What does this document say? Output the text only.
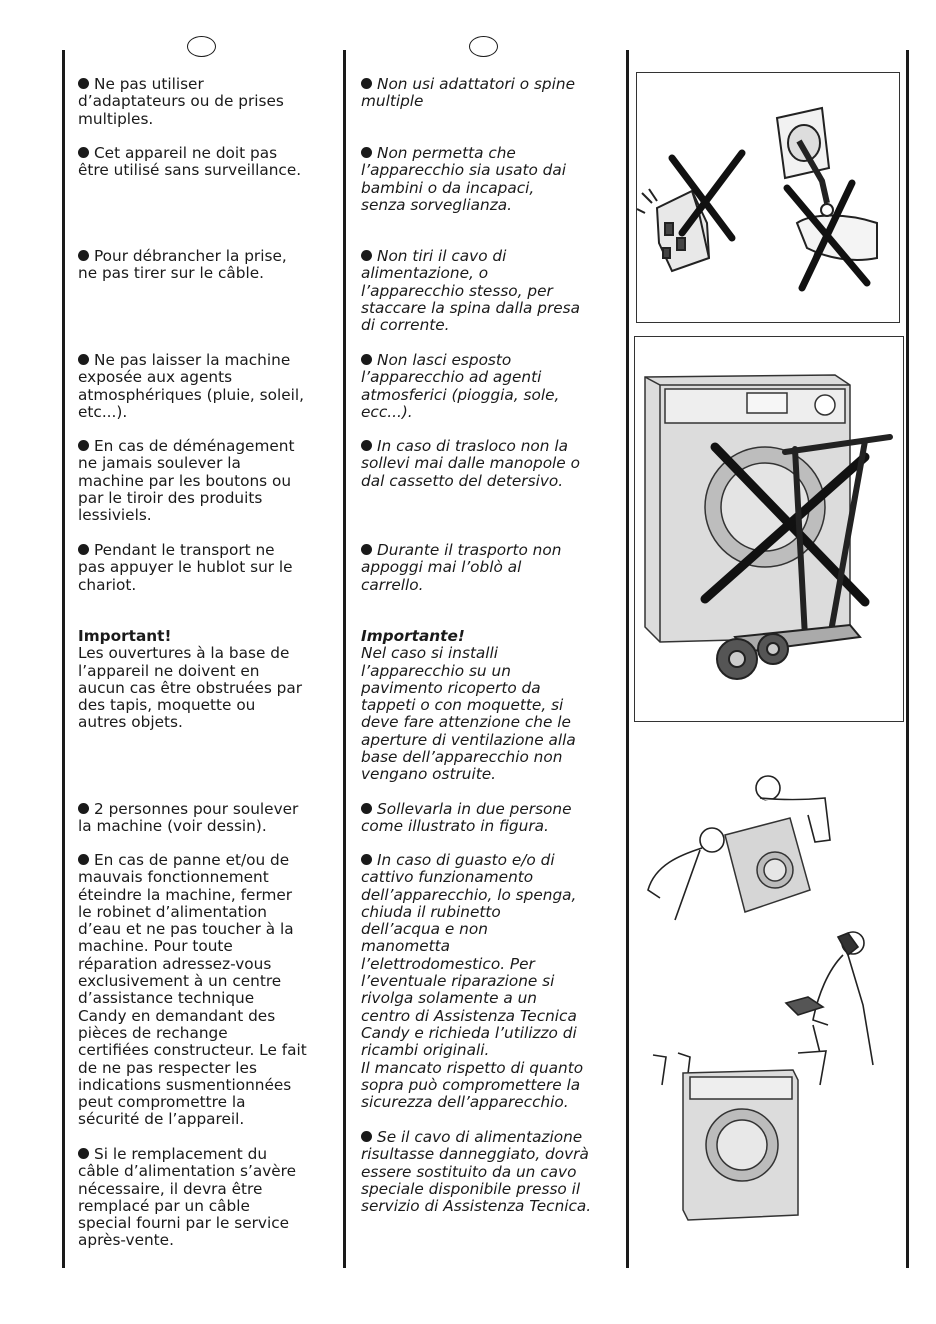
Ne pas utiliser
d’adaptateurs ou de prises
multiples.
Cet appareil ne doit pas
être utilisé sans surveillance.
Pour débrancher la prise,
ne pas tirer sur le câble.
Ne pas laisser la machine
exposée aux agents
atmosphériques (pluie, soleil,
etc...).
En cas de déménagement
ne jamais soulever la
machine par les boutons ou
par le tiroir des produits
lessiviels.
Pendant le transport ne
pas appuyer le hublot sur le
chariot.
Important!
Les ouvertures à la base de
l’appareil ne doivent en
aucun cas être obstruées par
des tapis, moquette ou
autres objets.
2 personnes pour soulever
la machine (voir dessin).
En cas de panne et/ou de
mauvais fonctionnement
éteindre la machine, fermer
le robinet d’alimentation
d’eau et ne pas toucher à la
machine. Pour toute
réparation adressez-vous
exclusivement à un centre
d’assistance technique
Candy en demandant des
pièces de rechange
certifiées constructeur. Le fait
de ne pas respecter les
indications susmentionnées
peut compromettre la
sécurité de l’appareil.
Si le remplacement du
câble d’alimentation s’avère
nécessaire, il devra être
remplacé par un câble
special fourni par le service
après-vente.
Non usi adattatori o spine
multiple
Non permetta che
l’apparecchio sia usato dai
bambini o da incapaci,
senza sorveglianza.
Non tiri il cavo di
alimentazione, o
l’apparecchio stesso, per
staccare la spina dalla presa
di corrente.
Non lasci esposto
l’apparecchio ad agenti
atmosferici (pioggia, sole,
ecc...).
In caso di trasloco non la
sollevi mai dalle manopole o
dal cassetto del detersivo.
Durante il trasporto non
appoggi mai l’oblò al
carrello.
Importante!
Nel caso si installi
l’apparecchio su un
pavimento ricoperto da
tappeti o con moquette, si
deve fare attenzione che le
aperture di ventilazione alla
base dell’apparecchio non
vengano ostruite.
Sollevarla in due persone
come illustrato in figura.
In caso di guasto e/o di
cattivo funzionamento
dell’apparecchio, lo spenga,
chiuda il rubinetto
dell’acqua e non
manometta
l’elettrodomestico. Per
l’eventuale riparazione si
rivolga solamente a un
centro di Assistenza Tecnica
Candy e richieda l’utilizzo di
ricambi originali.
Il mancato rispetto di quanto
sopra può compromettere la
sicurezza dell’apparecchio.
Se il cavo di alimentazione
risultasse danneggiato, dovrà
essere sostituito da un cavo
speciale disponibile presso il
servizio di Assistenza Tecnica.
